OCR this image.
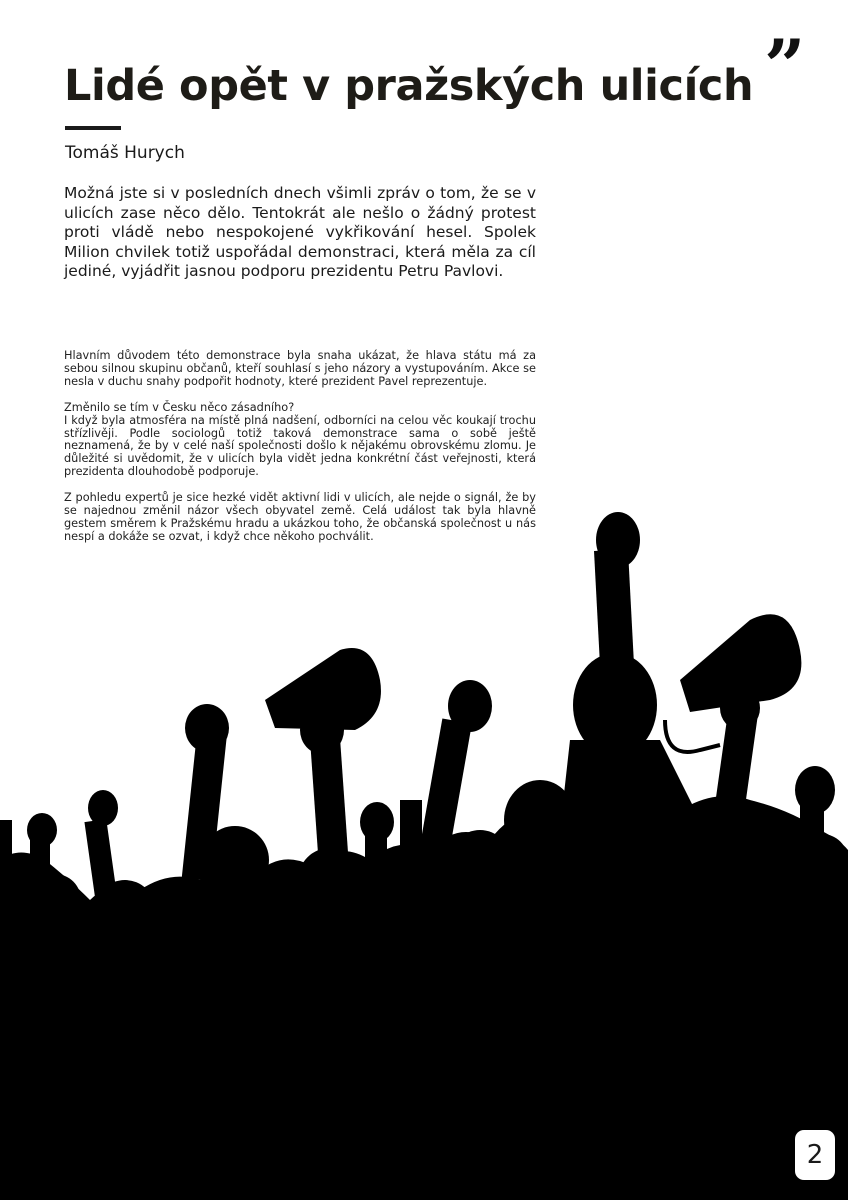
”
Lidé opět v pražských ulicích
Tomáš Hurych

Možná jste si v posledních dnech všimli zpráv o tom, že se v ulicích zase něco dělo. Tentokrát ale nešlo o žádný protest proti vládě nebo nespokojené vykřikování hesel. Spolek Milion chvilek totiž uspořádal demonstraci, která měla za cíl jediné, vyjádřit jasnou podporu prezidentu Petru Pavlovi.

Hlavním důvodem této demonstrace byla snaha ukázat, že hlava státu má za sebou silnou skupinu občanů, kteří souhlasí s jeho názory a vystupováním. Akce se nesla v duchu snahy podpořit hodnoty, které prezident Pavel reprezentuje.

Změnilo se tím v Česku něco zásadního?

I když byla atmosféra na místě plná nadšení, odborníci na celou věc koukají trochu střízlivěji. Podle sociologů totiž taková demonstrace sama o sobě ještě neznamená, že by v celé naší společnosti došlo k nějakému obrovskému zlomu. Je důležité si uvědomit, že v ulicích byla vidět jedna konkrétní část veřejnosti, která prezidenta dlouhodobě podporuje.

Z pohledu expertů je sice hezké vidět aktivní lidi v ulicích, ale nejde o signál, že by se najednou změnil názor všech obyvatel země. Celá událost tak byla hlavně gestem směrem k Pražskému hradu a ukázkou toho, že občanská společnost u nás nespí a dokáže se ozvat, i když chce někoho pochválit.

2
